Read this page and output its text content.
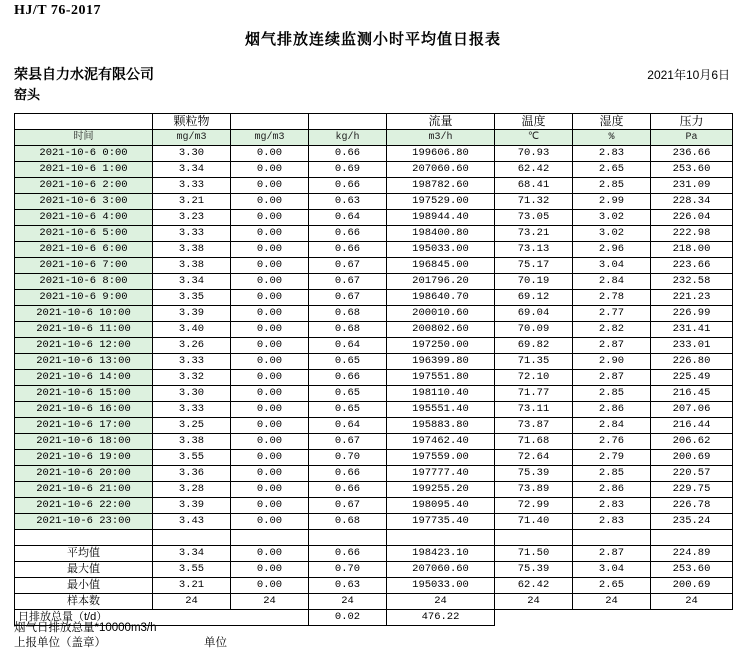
HJ/T 76-2017
烟气排放连续监测小时平均值日报表
荣县自力水泥有限公司
窑头
2021年10月6日
	颗粒物			流量	温度	湿度	压力
时间	mg/m3	mg/m3	kg/h	m3/h	℃	%	Pa
2021-10-6 0:00	3.30	0.00	0.66	199606.80	70.93	2.83	236.66
2021-10-6 1:00	3.34	0.00	0.69	207060.60	62.42	2.65	253.60
2021-10-6 2:00	3.33	0.00	0.66	198782.60	68.41	2.85	231.09
2021-10-6 3:00	3.21	0.00	0.63	197529.00	71.32	2.99	228.34
2021-10-6 4:00	3.23	0.00	0.64	198944.40	73.05	3.02	226.04
2021-10-6 5:00	3.33	0.00	0.66	198400.80	73.21	3.02	222.98
2021-10-6 6:00	3.38	0.00	0.66	195033.00	73.13	2.96	218.00
2021-10-6 7:00	3.38	0.00	0.67	196845.00	75.17	3.04	223.66
2021-10-6 8:00	3.34	0.00	0.67	201796.20	70.19	2.84	232.58
2021-10-6 9:00	3.35	0.00	0.67	198640.70	69.12	2.78	221.23
2021-10-6 10:00	3.39	0.00	0.68	200010.60	69.04	2.77	226.99
2021-10-6 11:00	3.40	0.00	0.68	200802.60	70.09	2.82	231.41
2021-10-6 12:00	3.26	0.00	0.64	197250.00	69.82	2.87	233.01
2021-10-6 13:00	3.33	0.00	0.65	196399.80	71.35	2.90	226.80
2021-10-6 14:00	3.32	0.00	0.66	197551.80	72.10	2.87	225.49
2021-10-6 15:00	3.30	0.00	0.65	198110.40	71.77	2.85	216.45
2021-10-6 16:00	3.33	0.00	0.65	195551.40	73.11	2.86	207.06
2021-10-6 17:00	3.25	0.00	0.64	195883.80	73.87	2.84	216.44
2021-10-6 18:00	3.38	0.00	0.67	197462.40	71.68	2.76	206.62
2021-10-6 19:00	3.55	0.00	0.70	197559.00	72.64	2.79	200.69
2021-10-6 20:00	3.36	0.00	0.66	197777.40	75.39	2.85	220.57
2021-10-6 21:00	3.28	0.00	0.66	199255.20	73.89	2.86	229.75
2021-10-6 22:00	3.39	0.00	0.67	198095.40	72.99	2.83	226.78
2021-10-6 23:00	3.43	0.00	0.68	197735.40	71.40	2.83	235.24

平均值	3.34	0.00	0.66	198423.10	71.50	2.87	224.89
最大值	3.55	0.00	0.70	207060.60	75.39	3.04	253.60
最小值	3.21	0.00	0.63	195033.00	62.42	2.65	200.69
样本数	24	24	24	24	24	24	24
日排放总量（t/d）			0.02	476.22			
烟气日排放总量*10000m3/h
上报单位（盖章）	单位
